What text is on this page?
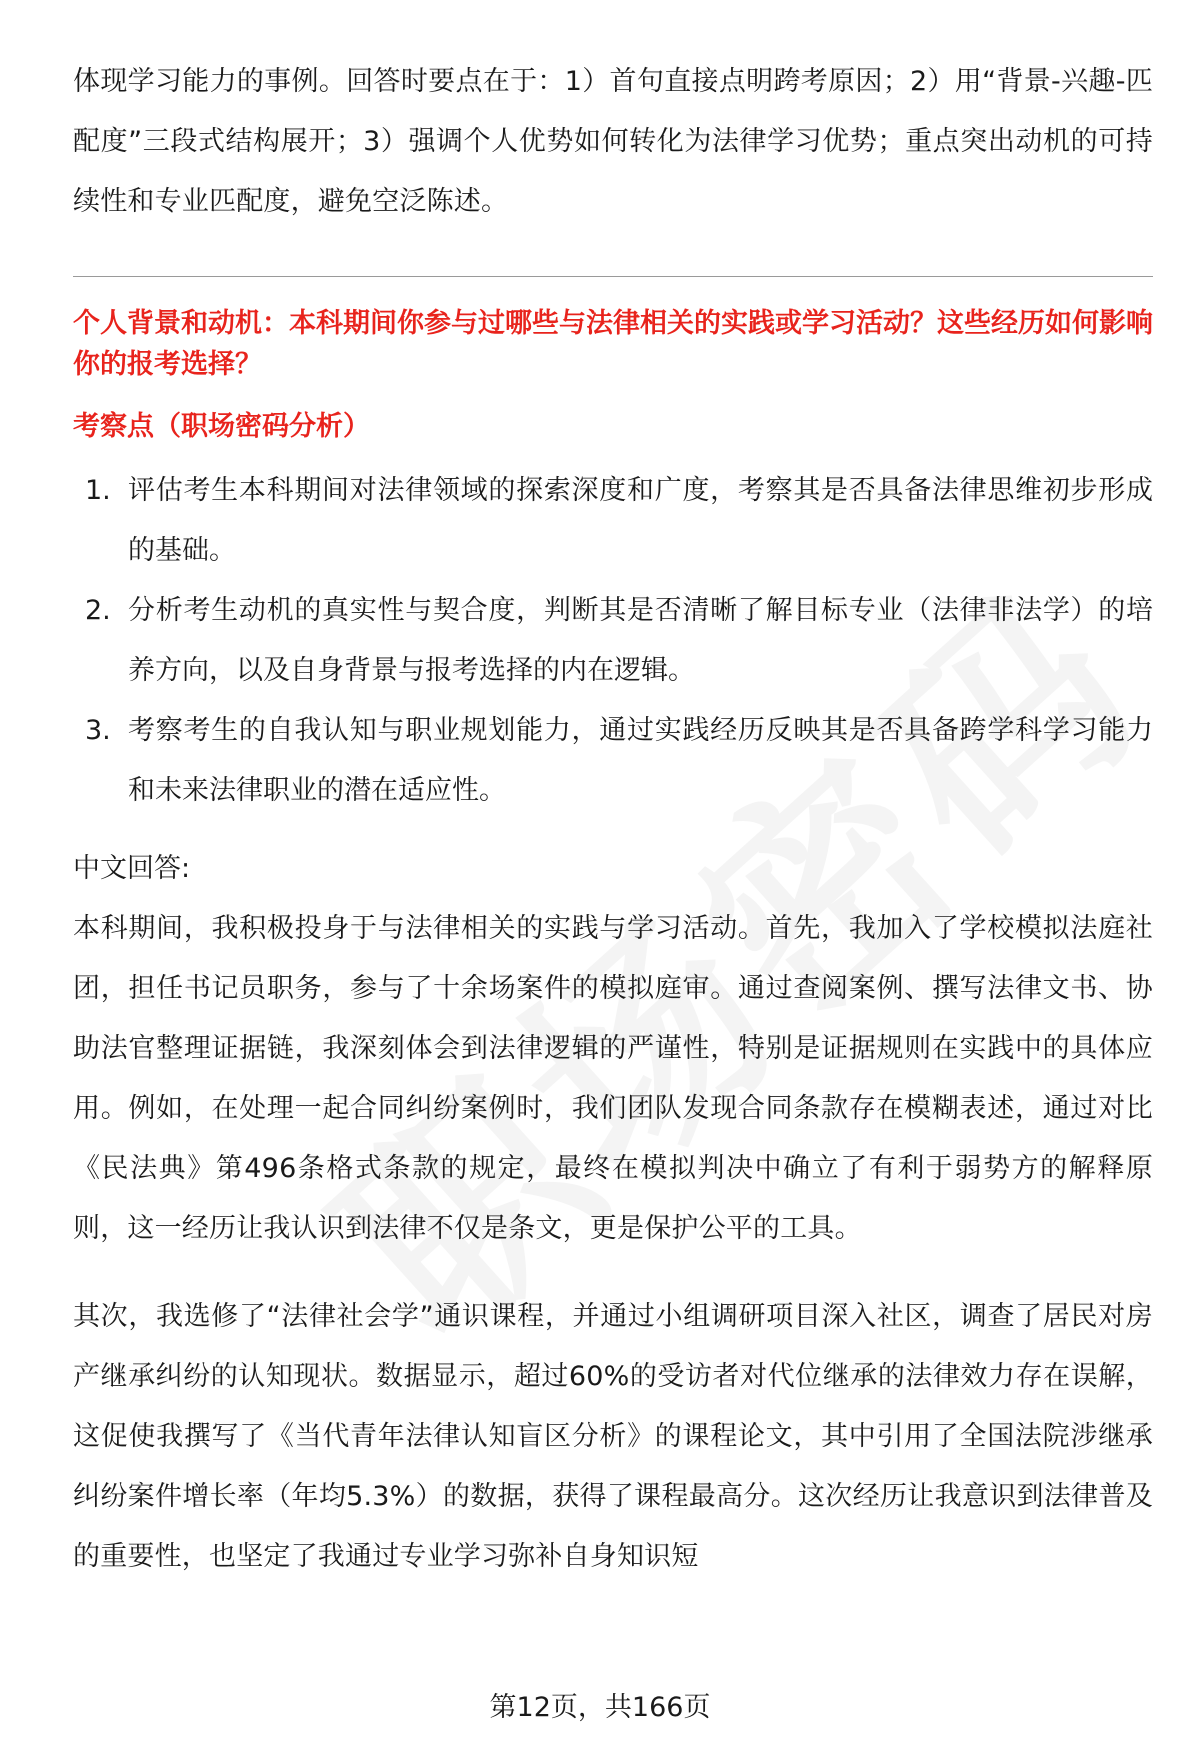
体现学习能力的事例。回答时要点在于：1）首句直接点明跨考原因；2）用“背景-兴趣-匹配度”三段式结构展开；3）强调个人优势如何转化为法律学习优势；重点突出动机的可持续性和专业匹配度，避免空泛陈述。

个人背景和动机：本科期间你参与过哪些与法律相关的实践或学习活动？这些经历如何影响你的报考选择？

考察点（职场密码分析）

1. 评估考生本科期间对法律领域的探索深度和广度，考察其是否具备法律思维初步形成的基础。
2. 分析考生动机的真实性与契合度，判断其是否清晰了解目标专业（法律非法学）的培养方向，以及自身背景与报考选择的内在逻辑。
3. 考察考生的自我认知与职业规划能力，通过实践经历反映其是否具备跨学科学习能力和未来法律职业的潜在适应性。

中文回答:

本科期间，我积极投身于与法律相关的实践与学习活动。首先，我加入了学校模拟法庭社团，担任书记员职务，参与了十余场案件的模拟庭审。通过查阅案例、撰写法律文书、协助法官整理证据链，我深刻体会到法律逻辑的严谨性，特别是证据规则在实践中的具体应用。例如，在处理一起合同纠纷案例时，我们团队发现合同条款存在模糊表述，通过对比《民法典》第496条格式条款的规定，最终在模拟判决中确立了有利于弱势方的解释原则，这一经历让我认识到法律不仅是条文，更是保护公平的工具。

其次，我选修了“法律社会学”通识课程，并通过小组调研项目深入社区，调查了居民对房产继承纠纷的认知现状。数据显示，超过60%的受访者对代位继承的法律效力存在误解，这促使我撰写了《当代青年法律认知盲区分析》的课程论文，其中引用了全国法院涉继承纠纷案件增长率（年均5.3%）的数据，获得了课程最高分。这次经历让我意识到法律普及的重要性，也坚定了我通过专业学习弥补自身知识短

第12页，共166页
